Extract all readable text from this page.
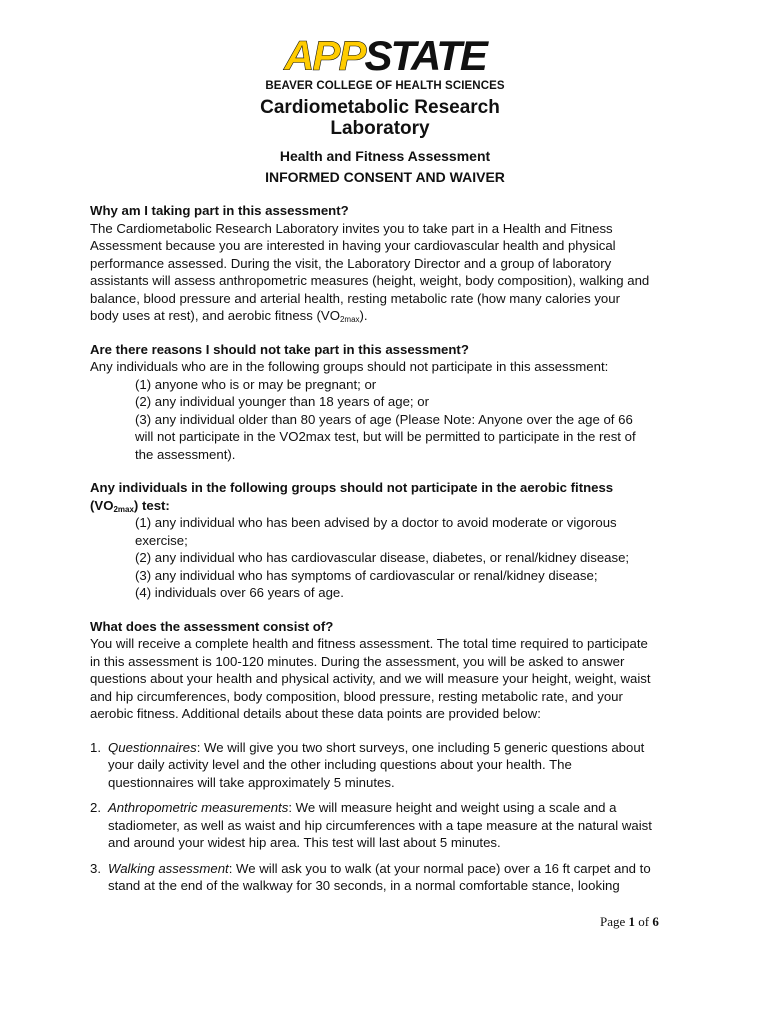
APPSTATE
BEAVER COLLEGE OF HEALTH SCIENCES
Cardiometabolic Research
Laboratory
Health and Fitness Assessment
INFORMED CONSENT AND WAIVER

Why am I taking part in this assessment?

The Cardiometabolic Research Laboratory invites you to take part in a Health and Fitness

Assessment because you are interested in having your cardiovascular health and physical

performance assessed. During the visit, the Laboratory Director and a group of laboratory

assistants will assess anthropometric measures (height, weight, body composition), walking and

balance, blood pressure and arterial health, resting metabolic rate (how many calories your

body uses at rest), and aerobic fitness $(VO_{2max})$.

Are there reasons I should not take part in this assessment?

Any individuals who are in the following groups should not participate in this assessment:

(1) anyone who is or may be pregnant; or

(2) any individual younger than 18 years of age; or

(3) any individual older than 80 years of age (Please Note: Anyone over the age of 66

will not participate in the VO2max test, but will be permitted to participate in the rest of

the assessment).

Any individuals in the following groups should not participate in the aerobic fitness

$(VO_{2max})$ test:

(1) any individual who has been advised by a doctor to avoid moderate or vigorous

exercise;

(2) any individual who has cardiovascular disease, diabetes, or renal/kidney disease;

(3) any individual who has symptoms of cardiovascular or renal/kidney disease;

(4) individuals over 66 years of age.

What does the assessment consist of?

You will receive a complete health and fitness assessment. The total time required to participate

in this assessment is 100-120 minutes. During the assessment, you will be asked to answer

questions about your health and physical activity, and we will measure your height, weight, waist

and hip circumferences, body composition, blood pressure, resting metabolic rate, and your

aerobic fitness. Additional details about these data points are provided below:

1. Questionnaires: We will give you two short surveys, one including 5 generic questions about

your daily activity level and the other including questions about your health. The

questionnaires will take approximately 5 minutes.

2. Anthropometric measurements: We will measure height and weight using a scale and a

stadiometer, as well as waist and hip circumferences with a tape measure at the natural waist

and around your widest hip area. This test will last about 5 minutes.

3. Walking assessment: We will ask you to walk (at your normal pace) over a 16 ft carpet and to

stand at the end of the walkway for 30 seconds, in a normal comfortable stance, looking

Page 1 of 6
